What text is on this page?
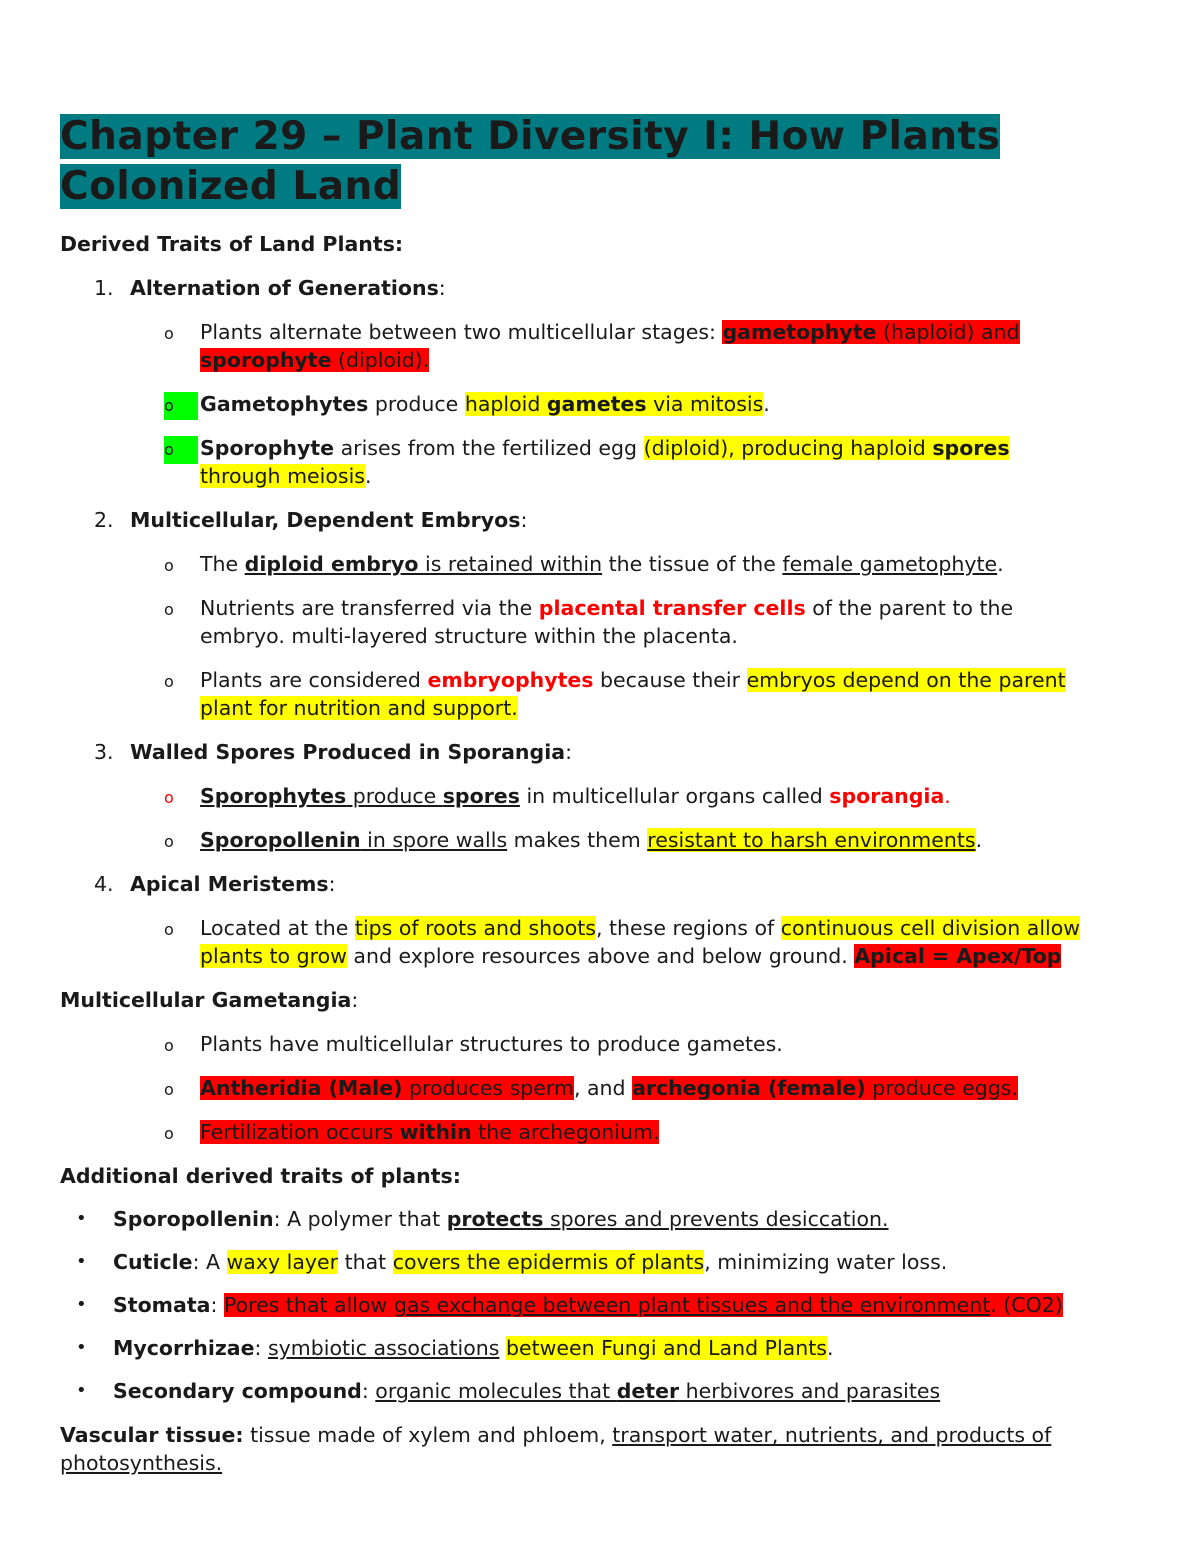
Chapter 29 – Plant Diversity I: How Plants
Colonized Land

Derived Traits of Land Plants:

1. Alternation of Generations:
o	Plants alternate between two multicellular stages: gametophyte (haploid) and
sporophyte (diploid).
o	Gametophytes produce haploid gametes via mitosis.
o	Sporophyte arises from the fertilized egg (diploid), producing haploid spores
through meiosis.
2. Multicellular, Dependent Embryos:
o	The diploid embryo is retained within the tissue of the female gametophyte.
o	Nutrients are transferred via the placental transfer cells of the parent to the
embryo. multi-layered structure within the placenta.
o	Plants are considered embryophytes because their embryos depend on the parent
plant for nutrition and support.
3. Walled Spores Produced in Sporangia:
o	Sporophytes produce spores in multicellular organs called sporangia.
o	Sporopollenin in spore walls makes them resistant to harsh environments.
4. Apical Meristems:
o	Located at the tips of roots and shoots, these regions of continuous cell division allow
plants to grow and explore resources above and below ground. Apical = Apex/Top

Multicellular Gametangia:

o	Plants have multicellular structures to produce gametes.
o	Antheridia (Male) produces sperm, and archegonia (female) produce eggs.
o	Fertilization occurs within the archegonium.

Additional derived traits of plants:

• Sporopollenin: A polymer that protects spores and prevents desiccation.
• Cuticle: A waxy layer that covers the epidermis of plants, minimizing water loss.
• Stomata: Pores that allow gas exchange between plant tissues and the environment. (CO2)
• Mycorrhizae: symbiotic associations between Fungi and Land Plants.
• Secondary compound: organic molecules that deter herbivores and parasites

Vascular tissue: tissue made of xylem and phloem, transport water, nutrients, and products of
photosynthesis.
